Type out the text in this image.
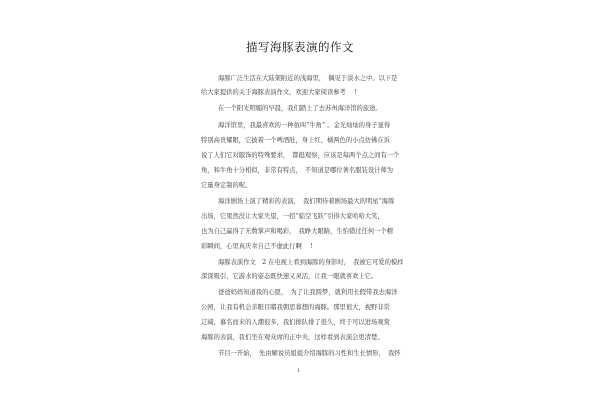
描写海豚表演的作文
海豚广泛生活在大陆架附近的浅海里，　偶见于淡水之中。以下是
给大家提供的关于海豚表演作文，欢迎大家阅读参考 　!
在一个阳光明媚的早晨，我们踏上了去苏州海洋馆的旅途。
海洋馆里，我最喜欢的一种鱼叫“牛角” 。金光灿灿的身子显得
特别高贵耀眼，它披着一个啤酒肚，身上红、橘两色的小点仿佛在诉
说了人们它对服饰的特殊要求，　都挺观察，应该是每两个点之间有一个
角，和牛角十分相似，非常有特点，　不知道是哪位著名服装设计师为
它量身定制的呢。
海洋剧场上演了精彩的表演，　我们期待着剧场最大的明星“海豚
出场，它果然没让大家失望，一招“临空飞跃”引得大家哈哈大笑，
也为自己赢得了无数掌声和喝彩，　我睁大眼睛，生怕错过任何一个精
彩瞬间，心里真庆幸自己不虚此行啊 　!
海豚表演作文　2 在电视上看到海豚的身影时，　我被它可爱的模样
深深吸引，它游水的姿态既快速又灵活，让我一眼就喜欢上它。
爸爸妈妈知道我的心愿，　为了让我圆梦，就利用长假带我去海洋
公园，让我有机会亲眼目睹我朝思暮想的海豚。那里很大，视野非常
辽阔，慕名而来的人潮很多，我们排队排了很久，终于可以进场观赏
海豚的表演，我们坐在观众席的正中央，这样看到表演会更清楚。
节目一开始，　先由解说员姐姐介绍海豚的习性和生长情形，　我怀
1
